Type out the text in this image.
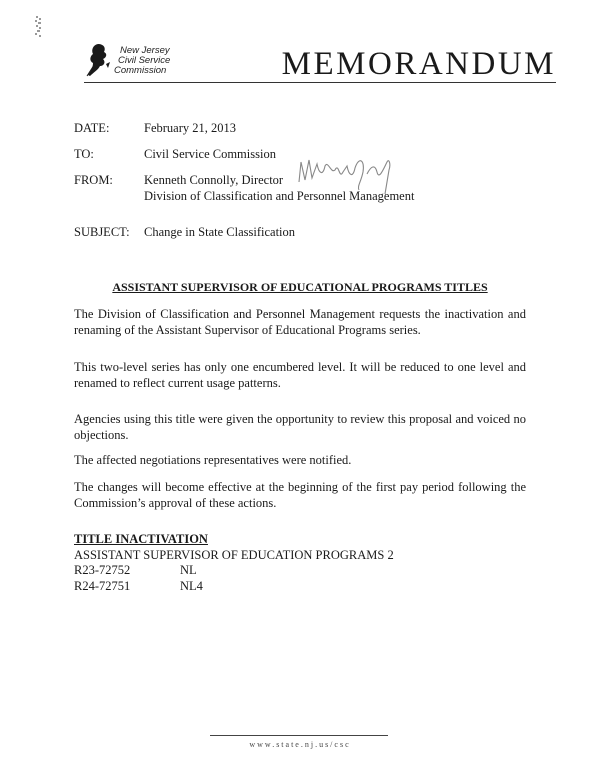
New Jersey
Civil Service
Commission	MEMORANDUM
DATE:	February 21, 2013
TO:	Civil Service Commission
FROM: Kenneth Connolly, Director
Division of Classification and Personnel Management
SUBJECT: Change in State Classification
ASSISTANT SUPERVISOR OF EDUCATIONAL PROGRAMS TITLES
The Division of Classification and Personnel Management requests the inactivation and renaming of the Assistant Supervisor of Educational Programs series.
This two-level series has only one encumbered level. It will be reduced to one level and renamed to reflect current usage patterns.
Agencies using this title were given the opportunity to review this proposal and voiced no objections.
The affected negotiations representatives were notified.
The changes will become effective at the beginning of the first pay period following the Commission’s approval of these actions.
TITLE INACTIVATION
ASSISTANT SUPERVISOR OF EDUCATION PROGRAMS 2
R23-72752	NL
R24-72751	NL4
www.state.nj.us/csc
